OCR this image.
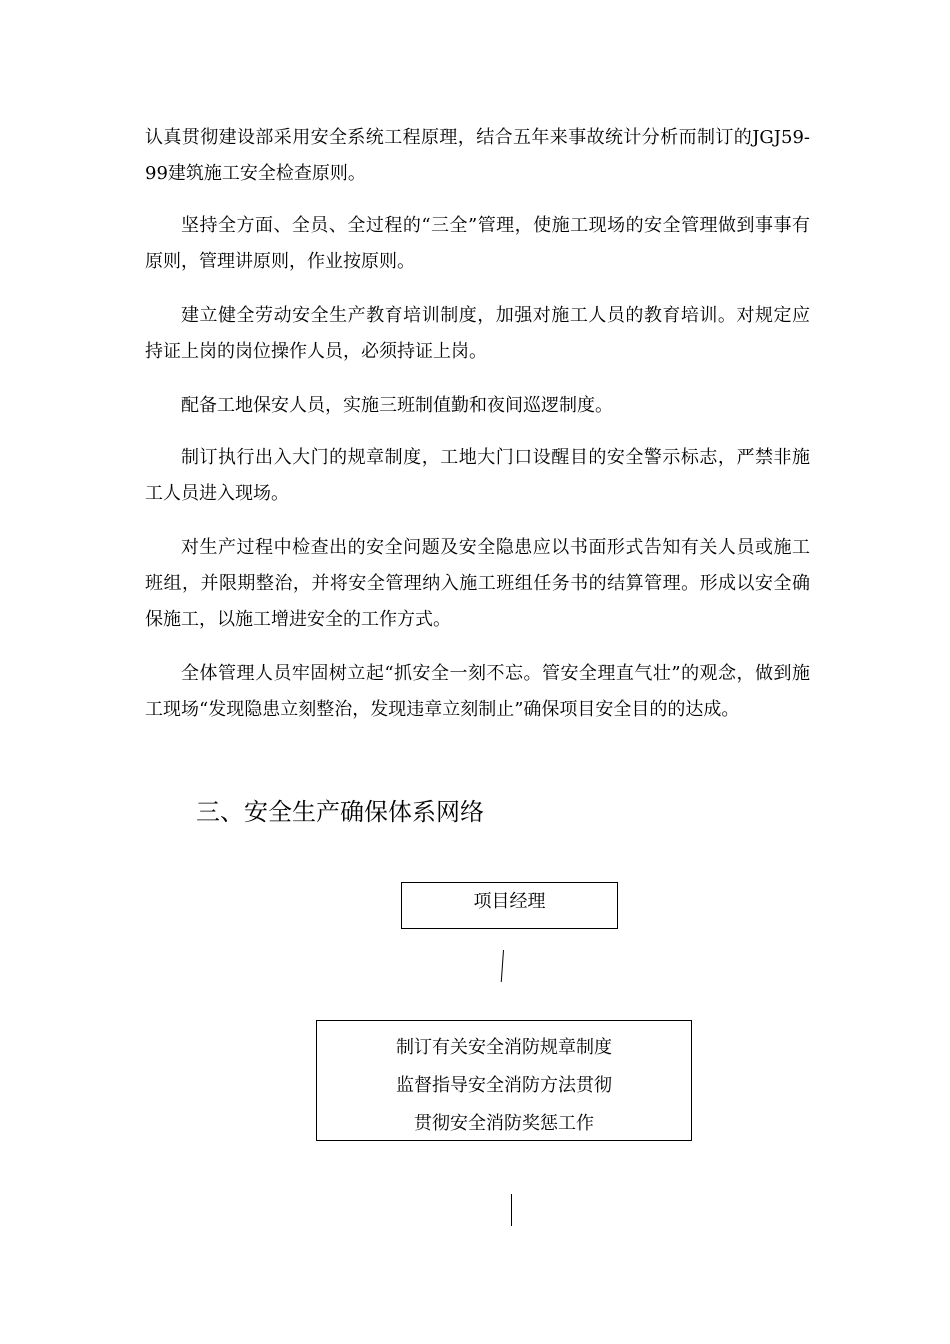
认真贯彻建设部采用安全系统工程原理，结合五年来事故统计分析而制订的JGJ59-99建筑施工安全检查原则。

坚持全方面、全员、全过程的“三全”管理，使施工现场的安全管理做到事事有原则，管理讲原则，作业按原则。

建立健全劳动安全生产教育培训制度，加强对施工人员的教育培训。对规定应持证上岗的岗位操作人员，必须持证上岗。

配备工地保安人员，实施三班制值勤和夜间巡逻制度。

制订执行出入大门的规章制度，工地大门口设醒目的安全警示标志，严禁非施工人员进入现场。

对生产过程中检查出的安全问题及安全隐患应以书面形式告知有关人员或施工班组，并限期整治，并将安全管理纳入施工班组任务书的结算管理。形成以安全确保施工，以施工增进安全的工作方式。

全体管理人员牢固树立起“抓安全一刻不忘。管安全理直气壮”的观念，做到施工现场“发现隐患立刻整治，发现违章立刻制止”确保项目安全目的的达成。

三、安全生产确保体系网络
项目经理
制订有关安全消防规章制度
监督指导安全消防方法贯彻
贯彻安全消防奖惩工作
